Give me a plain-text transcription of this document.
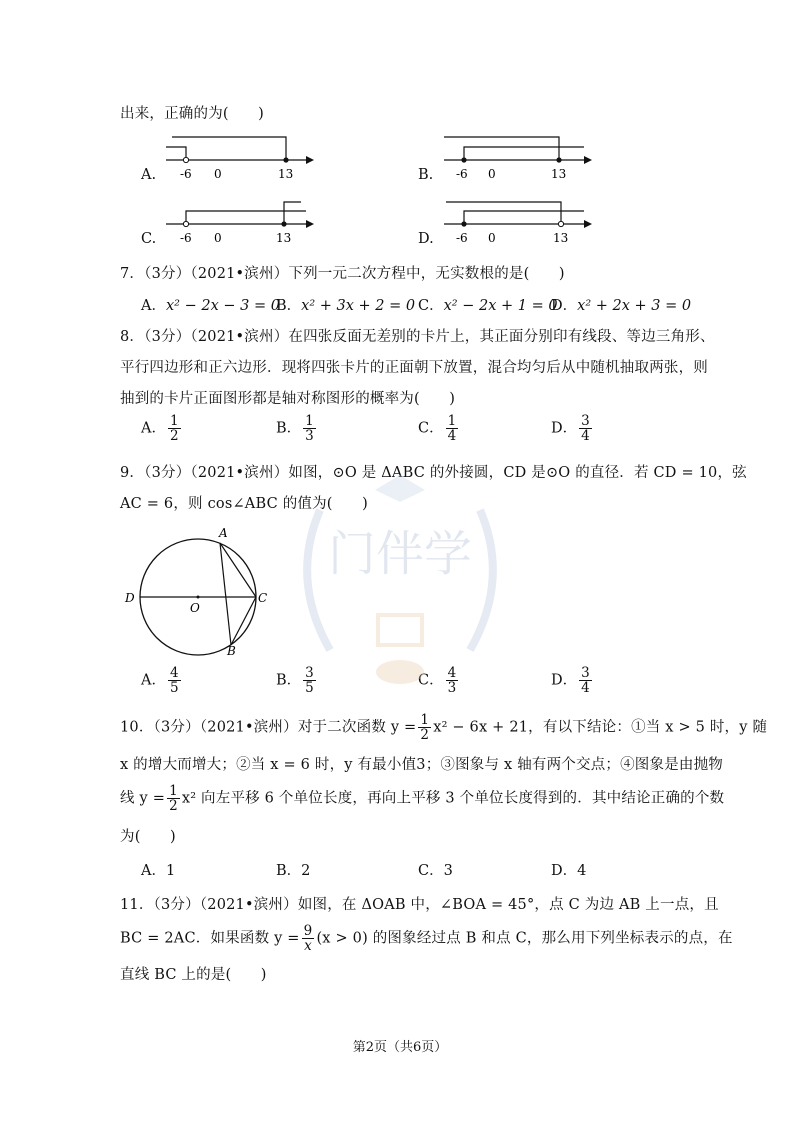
出来，正确的为(　　)
A. -6 0	13	B. -6 0	13
C. -6 0	13	D. -6 0	13
7．（3分）（2021•滨州）下列一元二次方程中，无实数根的是(　　)
A．x² − 2x − 3 = 0
B．x² + 3x + 2 = 0 C．x² − 2x + 1 = 0
D．x² + 2x + 3 = 0
8．（3分）（2021•滨州）在四张反面无差别的卡片上，其正面分别印有线段、等边三角形、
平行四边形和正六边形．现将四张卡片的正面朝下放置，混合均匀后从中随机抽取两张，则
抽到的卡片正面图形都是轴对称图形的概率为(　　)
A． $\frac{1}{2}$	B． $\frac{1}{3}$	C． $\frac{1}{4}$	D． $\frac{3}{4}$
9．（3分）（2021•滨州）如图，⊙O 是 ΔABC 的外接圆，CD 是⊙O 的直径．若 CD = 10，弦
AC = 6，则 cos∠ABC 的值为(　　)
A
B
C
D
O
A． $\frac{4}{5}$	B． $\frac{3}{5}$	C． $\frac{4}{3}$	D． $\frac{3}{4}$
门伴学
10．（3分）（2021•滨州）对于二次函数 $y = \frac{1}{2} x^2 - 6x + 21$，有以下结论：①当 x > 5 时，y 随
x 的增大而增大；②当 x = 6 时，y 有最小值3；③图象与 x 轴有两个交点；④图象是由抛物
线 $y = \frac{1}{2} x^2$ 向左平移 6 个单位长度，再向上平移 3 个单位长度得到的．其中结论正确的个数
为(　　)
A．1	B．2	C．3	D．4
11．（3分）（2021•滨州）如图，在 ΔOAB 中，∠BOA = 45°，点 C 为边 AB 上一点，且
BC = 2AC．如果函数 $y = \frac{9}{x} (x > 0)$ 的图象经过点 B 和点 C，那么用下列坐标表示的点，在
直线 BC 上的是(　　)
第2页（共6页）
